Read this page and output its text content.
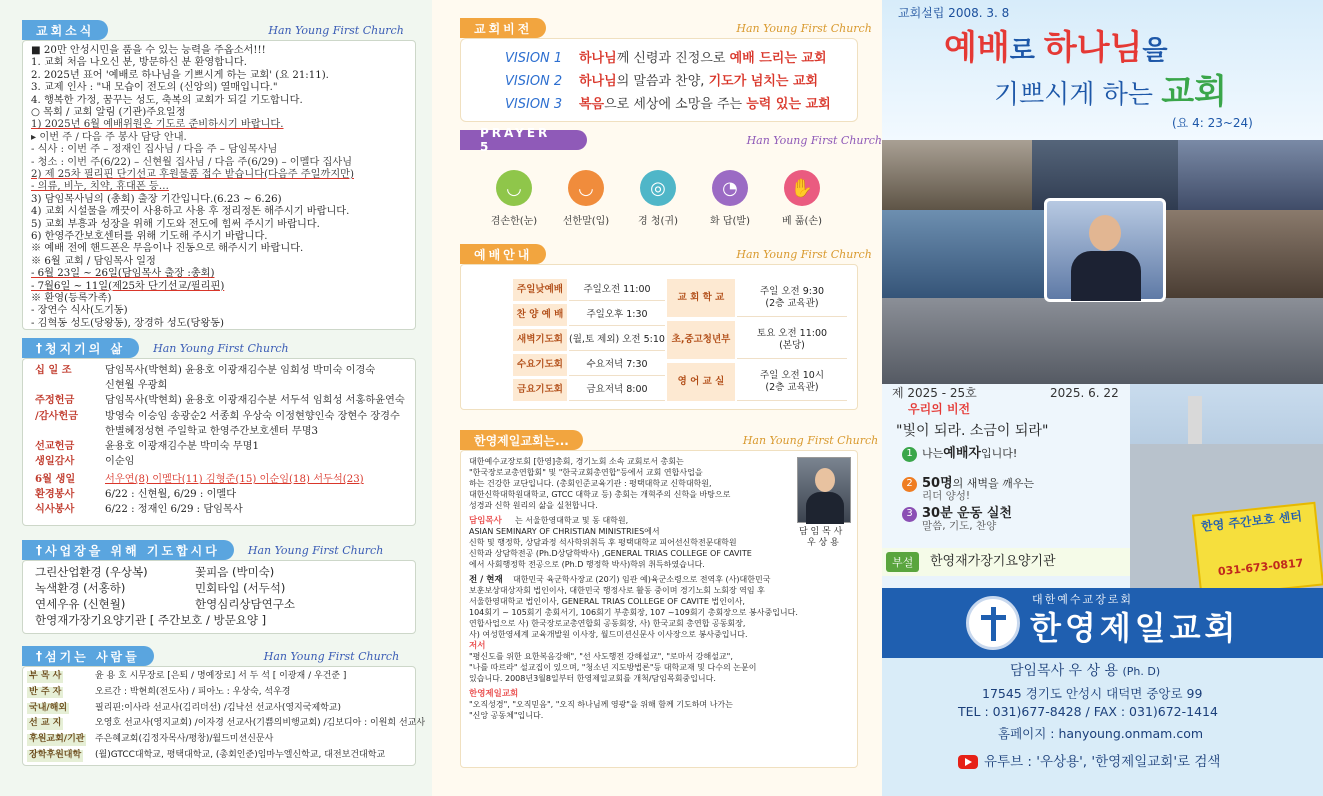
교회소식	Han Young First Church
■ 20만 안성시민을 품을 수 있는 능력을 주옵소서!!!
1. 교회 처음 나오신 분, 방문하신 분 환영합니다.
2. 2025년 표어 '예배로 하나님을 기쁘시게 하는 교회' (요 21:11).
3. 교제 인사 : "내 모습이 전도의 (신앙의) 열매입니다."
4. 행복한 가정, 꿈꾸는 성도, 축복의 교회가 되길 기도합니다.
○ 목회 / 교회 알림 (기관)주요일정
1) 2025년 6월 예배위원은 기도로 준비하시기 바랍니다.
▸ 이번 주 / 다음 주 봉사 담당 안내.
- 식사 : 이번 주 – 정재인 집사님 / 다음 주 – 담임목사님
- 청소 : 이번 주(6/22) – 신현월 집사님 / 다음 주(6/29) – 이멜다 집사님
2) 제 25차 필리핀 단기선교 후원물품 접수 받습니다(다음주 주일까지만)
- 의류, 비누, 치약, 휴대폰 등…
3) 담임목사님의 (총회) 출장 기간입니다.(6.23 ~ 6.26)
4) 교회 시설물을 깨끗이 사용하고 사용 후 정리정돈 해주시기 바랍니다.
5) 교회 부흥과 성장을 위해 기도와 전도에 힘써 주시기 바랍니다.
6) 한영주간보호센터를 위해 기도해 주시기 바랍니다.
※ 예배 전에 핸드폰은 무음이나 진동으로 해주시기 바랍니다.
※ 6월 교회 / 담임목사 일정
- 6월 23일 ~ 26일(담임목사 출장 :총회)
- 7월6일 ~ 11일(제25차 단기선교/필리핀)
※ 환영(등록가족)
- 장연수 식사(도기동)
- 김혁동 성도(당왕동), 장경하 성도(당왕동)
† 청지기의 삶	Han Young First Church
십 일 조	담임목사(박현희) 윤용호 이광재김수분 임희성 박미숙 이경숙
신현월 우광희
주정헌금	담임목사(박현희) 윤용호 이광재김수분 서두석 임희성 서홍하윤연숙
/감사헌금	방영숙 이승임 송광순2 서종희 우상숙 이정현향인숙 장현수 장경수
한별혜정성현 주일학교 한영주간보호센터 무명3
선교헌금	윤용호 이광재김수분 박미숙 무명1
생일감사	이순임
6월 생일	서우연(8) 이멜다(11) 김형준(15) 이순임(18) 서두석(23)
환경봉사	6/22 : 신현월, 6/29 : 이멜다
식사봉사	6/22 : 정재인 6/29 : 담임목사
† 사업장을 위해 기도합시다	Han Young First Church
그린산업환경 (우상복)	꽃피음 (박미숙)
녹색환경 (서홍하)	민회타입 (서두석)
연세우유 (신현월)	한영심리상담연구소
한영재가장기요양기관 [ 주간보호 / 방문요양 ]
† 섬기는 사람들	Han Young First Church
부 목 사	윤 용 호 시무장로 [은퇴 / 명예장로] 서 두 석 [ 이광재 / 우건준 ]
반 주 자	오르간 : 박현희(전도사) / 피아노 : 우상숙, 석우경
국내/해외	필리핀:이사라 선교사(김리더선) /김낙선 선교사(영지국제학교)
선 교 지	오영호 선교사(영지교회) /이자경 선교사(기쁨의비행교회) /김보디아 : 이원희 선교사
후원교회/기관 주은혜교회(김정자목사/평창)/월드미션신문사
장학후원대학 (월)GTCC대학교, 평택대학교, (총회인준)임마누엘신학교, 대전보건대학교
교회비전	Han Young First Church
VISION 1 하나님께 신령과 진정으로 예배 드리는 교회
VISION 2 하나님의 말씀과 찬양, 기도가 넘치는 교회
VISION 3 복음으로 세상에 소망을 주는 능력 있는 교회
PRAYER 5	Han Young First Church
◡
겸손한(눈)
◡
선한말(입)
◎
경 청(귀)
◔
화 답(발)
✋
베 풂(손)
예배안내	Han Young First Church
주일낮예배	주일오전 11:00
찬 양 예 배	주일오후 1:30
새벽기도회 (월,토 제외) 오전 5:10
수요기도회	수요저녁 7:30
금요기도회	금요저녁 8:00
교 회 학 교
주일 오전 9:30
(2층 교육관)
초,중고청년부
토요 오전 11:00
(본당)
영 어 교 실
주일 오전 10시
(2층 교육관)
한영제일교회는...	Han Young First Church
대한예수교장로회 [한영]총회, 경기노회 소속 교회로서 총회는
"한국장로교총연합회" 및 "한국교회총연합"등에서 교회 연합사업을
하는 건강한 교단입니다. (총회인준교육기관 : 평택대학교 신학대학원,
대한신학대학원대학교, GTCC 대학교 등) 총회는 개혁주의 신학을 바탕으로
성경과 신학 원리의 삶을 실천합니다.
담임목사 는 서울한영대학교 및 동 대학원,
ASIAN SEMINARY OF CHRISTIAN MINISTRIES에서
신학 및 행정학, 상담과정 석사학위취득 후 평택대학교 피어선신학전문대학원
신학과 상담학전공 (Ph.D상담학박사) ,GENERAL TRIAS COLLEGE OF CAVITE
에서 사회행정학 전공으로 (Ph.D 행정학 박사)학위 취득하였습니다.
전 / 현재 대한민국 육군학사장교 (20기) 임관 예)육군소령으로 전역후 (사)대한민국
보훈보상대상자회 법인이사, 대한민국 행정사로 활동 중이며 경기노회 노회장 역임 후
서울한영대학교 법인이사, GENERAL TRIAS COLLEGE OF CAVITE 법인이사,
104회기 ~ 105회기 총회서기, 106회기 부총회장, 107 ~109회기 총회장으로 봉사중입니다.
연합사업으로 사) 한국장로교총연합회 공동회장, 사) 한국교회 총연합 공동회장,
사) 여성한영세계 교육개발원 이사장, 월드미션신문사 이사장으로 봉사중입니다.
저서
"평신도를 위한 요한복음강해", "선 사도행전 강해설교", "로마서 강해설교",
"나를 따르라" 설교집이 있으며, "청소년 지도방법론"등 대학교재 및 다수의 논문이
있습니다. 2008년3월8일부터 한영제일교회를 개척/담임목회중입니다.
한영제일교회
"오직성경", "오직믿음", "오직 하나님께 영광"을 위해 함께 기도하며 나가는
"신앙 공동체"입니다.
담 임 목 사
우 상 용
교회설립 2008. 3. 8
예배로 하나님을
기쁘시게 하는 교회
(요 4: 23~24)
한영 주간보호 센터
031-673-0817
제 2025 - 25호	2025. 6. 22
우리의 비전
"빛이 되라. 소금이 되라"
1 나는 예배자 입니다!
2 50명 의 새벽을 깨우는
리더 양성!
3 30분 운동 실천
말씀, 기도, 찬양
부설	한영재가장기요양기관
대한예수교장로회
한영제일교회
담임목사 우 상 용 (Ph. D)
17545 경기도 안성시 대덕면 중앙로 99
TEL : 031)677-8428 / FAX : 031)672-1414
홈페이지 : hanyoung.onmam.com
유투브 : '우상용', '한영제일교회'로 검색
